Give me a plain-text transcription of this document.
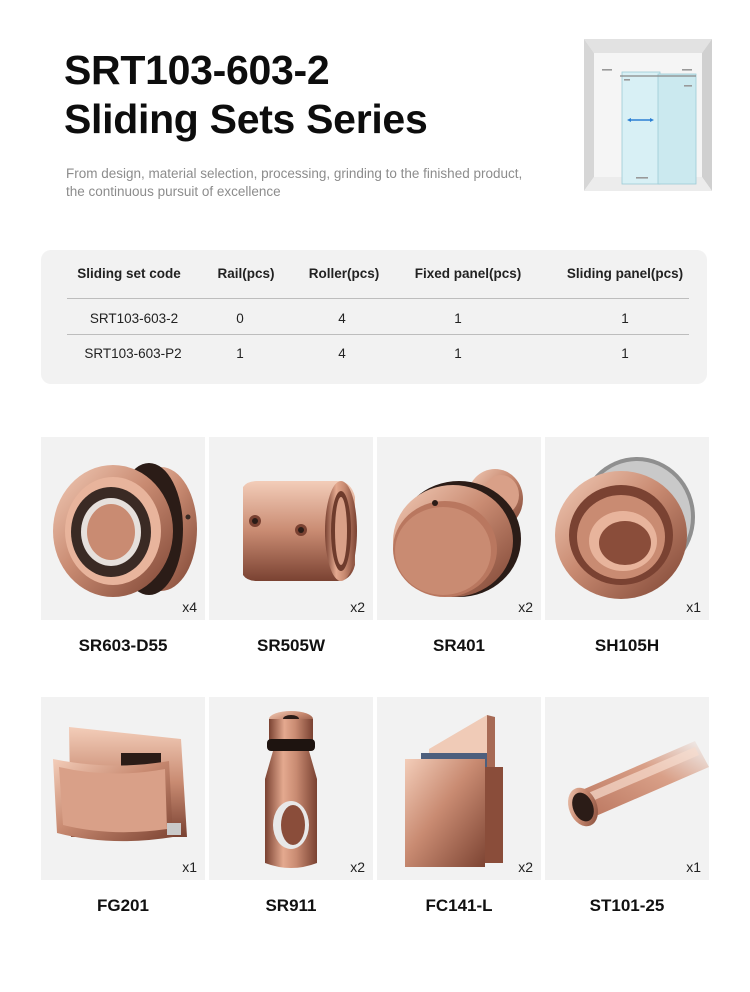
SRT103-603-2
Sliding Sets Series
From design, material selection, processing, grinding to the finished product,
the continuous pursuit of excellence
Sliding set code	Rail(pcs)	Roller(pcs)	Fixed panel(pcs)	Sliding panel(pcs)
SRT103-603-2	0	4	1	1
SRT103-603-P2	1	4	1	1
x4	x2	x2	x1
SR603-D55	SR505W	SR401	SH105H
x1	x2	x2	x1
FG201	SR911	FC141-L	ST101-25
